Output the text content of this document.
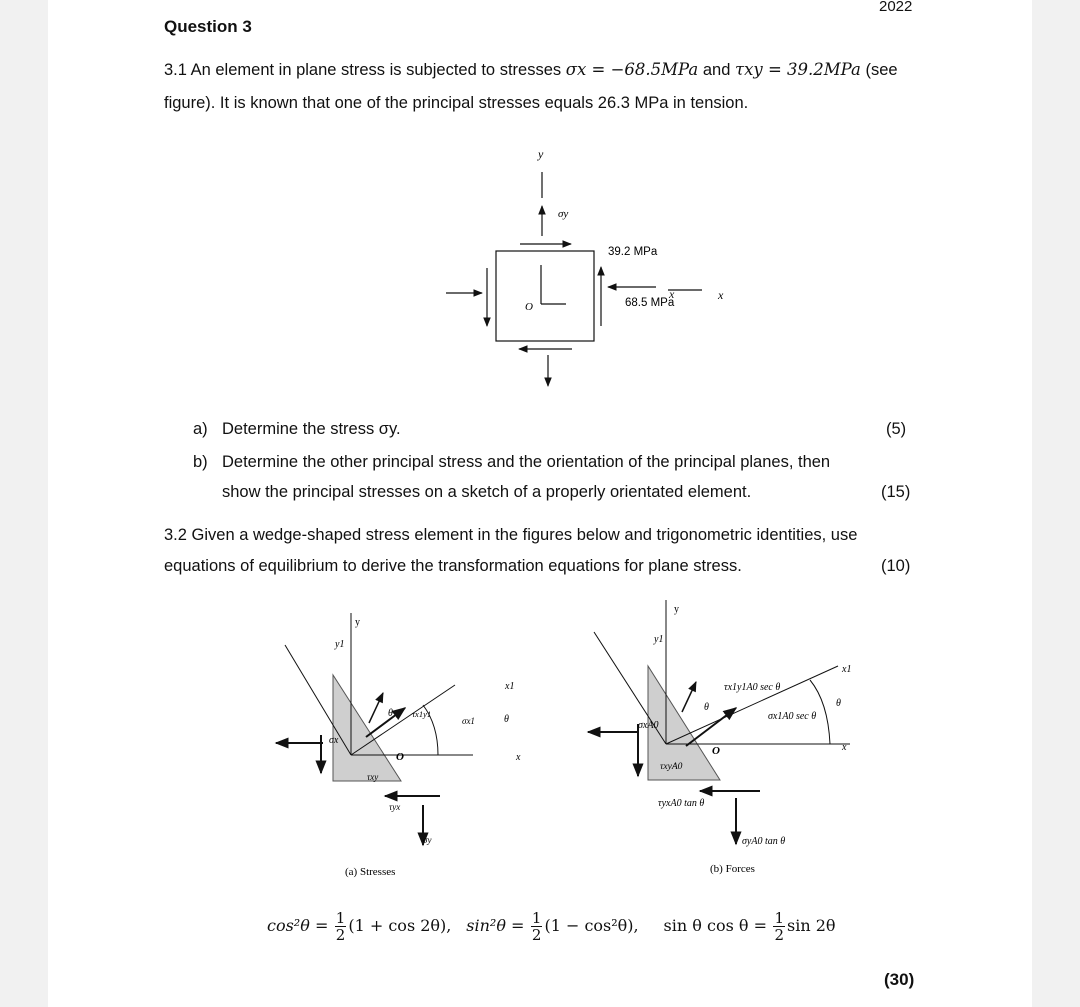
2022
Question 3
3.1 An element in plane stress is subjected to stresses σx = −68.5MPa and τxy = 39.2MPa (see
figure). It is known that one of the principal stresses equals 26.3 MPa in tension.
y
σy
O
39.2 MPa
68.5 MPa
x
x
a) Determine the stress σy.	(5)
b) Determine the other principal stress and the orientation of the principal planes, then
show the principal stresses on a sketch of a properly orientated element.	(15)
3.2 Given a wedge-shaped stress element in the figures below and trigonometric identities, use
equations of equilibrium to derive the transformation equations for plane stress.	(10)
y
y1
x1
x
θ
θ
O
σx
τxy
τyx
σy
τx1y1
σx1
(a) Stresses
y
y1
x1
x
θ	θ
O
σxA0
τxyA0
τyxA0 tan θ
σyA0 tan θ
τx1y1A0 sec θ
σx1A0 sec θ
(b) Forces
$\cos^2\theta = \frac{1}{2} (1 + \cos 2\theta)$, $\sin^2\theta = \frac{1}{2} (1 - \cos^2\theta)$, sin θ $\cos \theta = \frac{1}{2}$ sin 2θ
(30)
